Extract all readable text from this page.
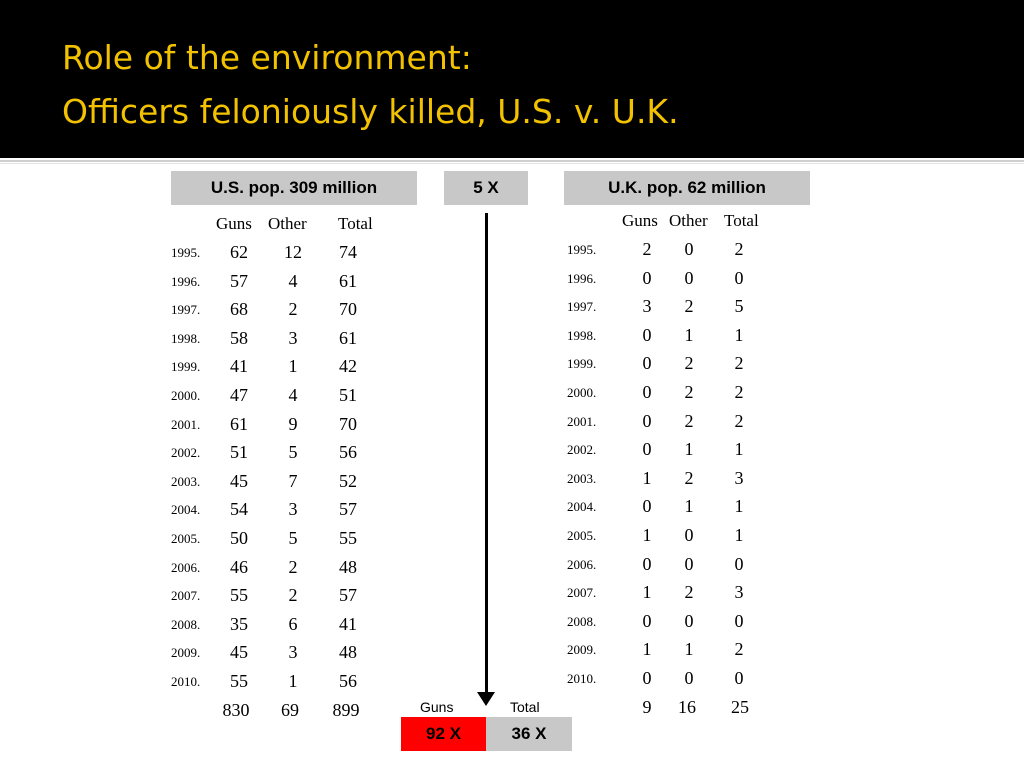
Role of the environment:
Officers feloniously killed, U.S. v. U.K.
U.S. pop. 309 million	5 X	U.K. pop. 62 million
Guns Other Total
1995.	62	12	74
1996.	57	4	61
1997.	68	2	70
1998.	58	3	61
1999.	41	1	42
2000.	47	4	51
2001.	61	9	70
2002.	51	5	56
2003.	45	7	52
2004.	54	3	57
2005.	50	5	55
2006.	46	2	48
2007.	55	2	57
2008.	35	6	41
2009.	45	3	48
2010.	55	1	56
830	69	899
Guns Other Total
1995.	2	0	2
1996.	0	0	0
1997.	3	2	5
1998.	0	1	1
1999.	0	2	2
2000.	0	2	2
2001.	0	2	2
2002.	0	1	1
2003.	1	2	3
2004.	0	1	1
2005.	1	0	1
2006.	0	0	0
2007.	1	2	3
2008.	0	0	0
2009.	1	1	2
2010.	0	0	0
9	16	25
Guns	Total
92 X	36 X
